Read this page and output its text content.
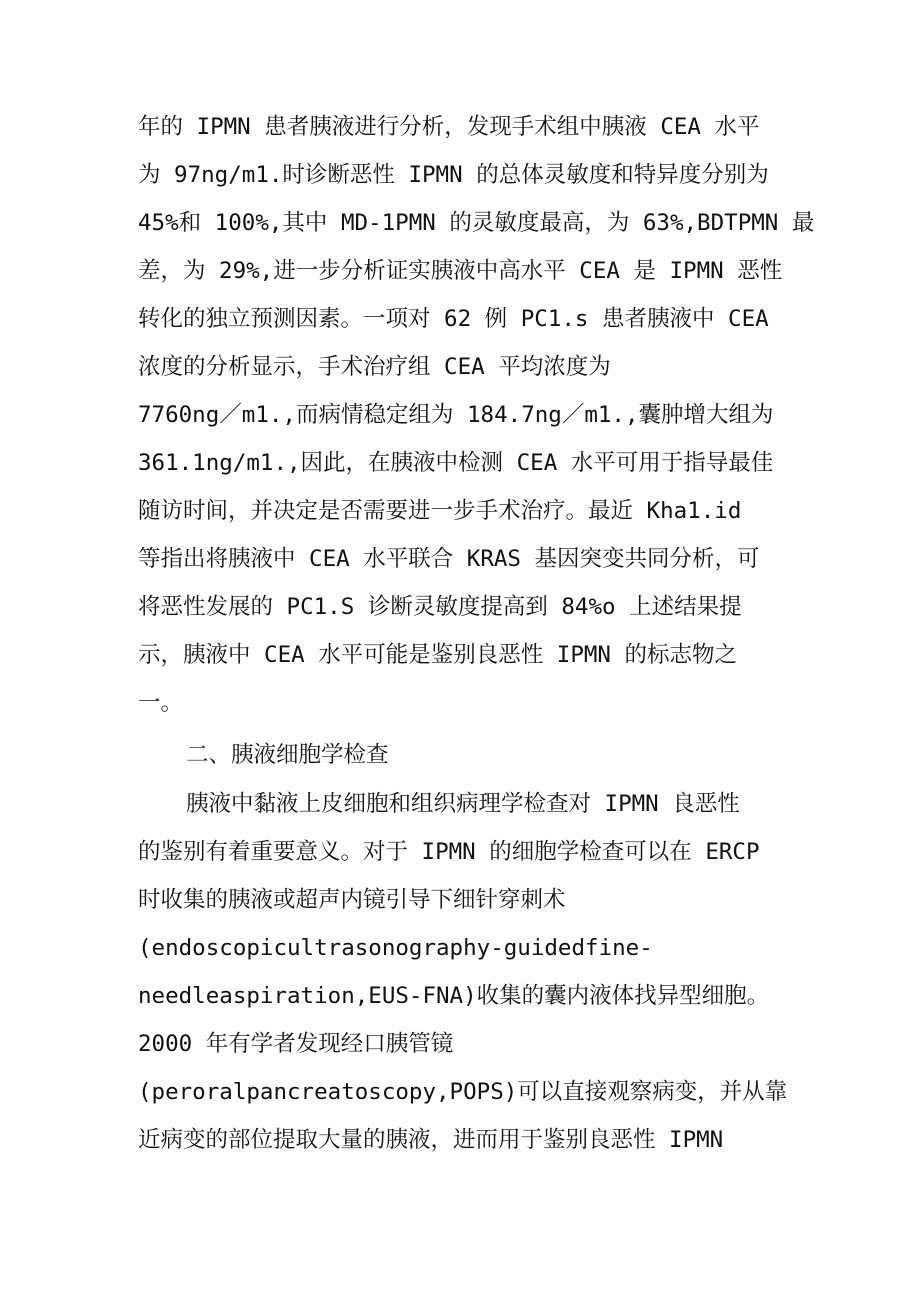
年的 IPMN 患者胰液进行分析，发现手术组中胰液 CEA 水平
为 97ng/m1.时诊断恶性 IPMN 的总体灵敏度和特异度分别为
45%和 100%,其中 MD-1PMN 的灵敏度最高，为 63%,BDTPMN 最
差，为 29%,进一步分析证实胰液中高水平 CEA 是 IPMN 恶性
转化的独立预测因素。一项对 62 例 PC1.s 患者胰液中 CEA
浓度的分析显示，手术治疗组 CEA 平均浓度为
7760ng／m1.,而病情稳定组为 184.7ng／m1.,囊肿增大组为
361.1ng/m1.,因此，在胰液中检测 CEA 水平可用于指导最佳
随访时间，并决定是否需要进一步手术治疗。最近 Kha1.id
等指出将胰液中 CEA 水平联合 KRAS 基因突变共同分析，可
将恶性发展的 PC1.S 诊断灵敏度提高到 84%o 上述结果提
示，胰液中 CEA 水平可能是鉴别良恶性 IPMN 的标志物之
一。
二、胰液细胞学检查
胰液中黏液上皮细胞和组织病理学检查对 IPMN 良恶性
的鉴别有着重要意义。对于 IPMN 的细胞学检查可以在 ERCP
时收集的胰液或超声内镜引导下细针穿刺术
(endoscopicultrasonography-guidedfine-
needleaspiration,EUS-FNA)收集的囊内液体找异型细胞。
2000 年有学者发现经口胰管镜
(peroralpancreatoscopy,POPS)可以直接观察病变，并从靠
近病变的部位提取大量的胰液，进而用于鉴别良恶性 IPMN
